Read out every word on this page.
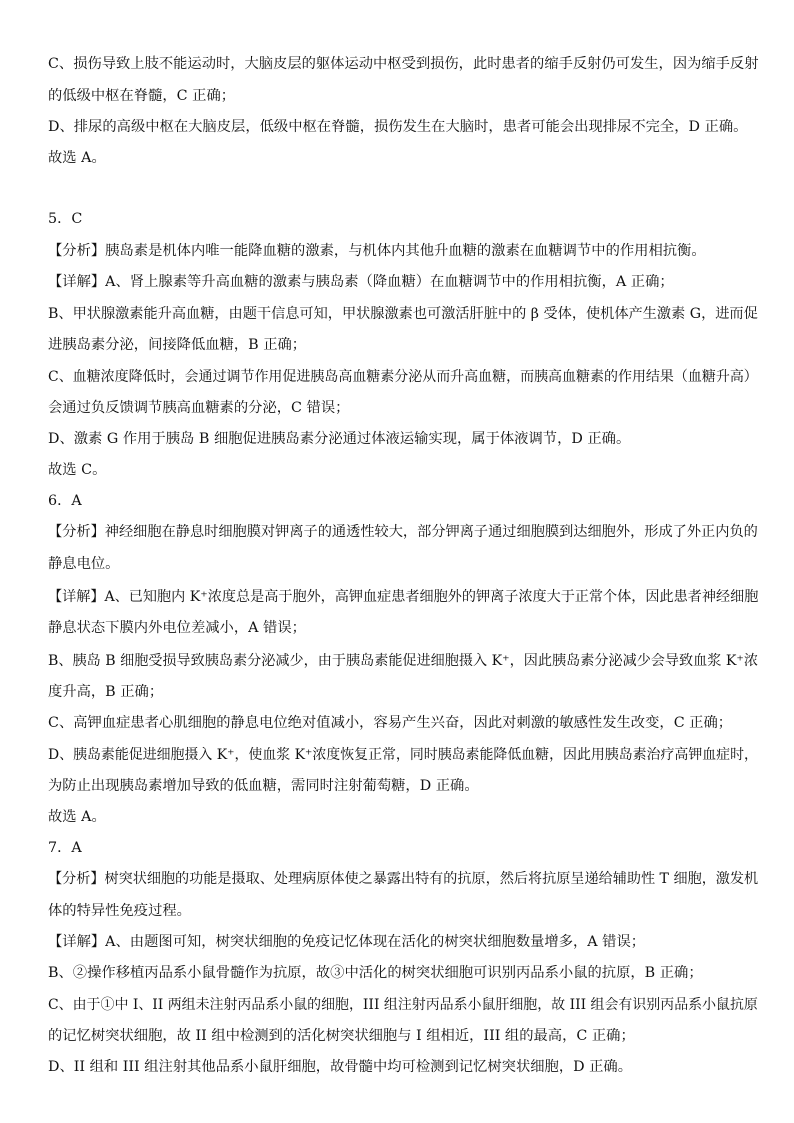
C、损伤导致上肢不能运动时，大脑皮层的躯体运动中枢受到损伤，此时患者的缩手反射仍可发生，因为缩手反射
的低级中枢在脊髓，C 正确；
D、排尿的高级中枢在大脑皮层，低级中枢在脊髓，损伤发生在大脑时，患者可能会出现排尿不完全，D 正确。
故选 A。
5．C
【分析】胰岛素是机体内唯一能降血糖的激素，与机体内其他升血糖的激素在血糖调节中的作用相抗衡。
【详解】A、肾上腺素等升高血糖的激素与胰岛素（降血糖）在血糖调节中的作用相抗衡，A 正确；
B、甲状腺激素能升高血糖，由题干信息可知，甲状腺激素也可激活肝脏中的 β 受体，使机体产生激素 G，进而促
进胰岛素分泌，间接降低血糖，B 正确；
C、血糖浓度降低时，会通过调节作用促进胰岛高血糖素分泌从而升高血糖，而胰高血糖素的作用结果（血糖升高）
会通过负反馈调节胰高血糖素的分泌，C 错误；
D、激素 G 作用于胰岛 B 细胞促进胰岛素分泌通过体液运输实现，属于体液调节，D 正确。
故选 C。
6．A
【分析】神经细胞在静息时细胞膜对钾离子的通透性较大，部分钾离子通过细胞膜到达细胞外，形成了外正内负的
静息电位。
【详解】A、已知胞内 K⁺浓度总是高于胞外，高钾血症患者细胞外的钾离子浓度大于正常个体，因此患者神经细胞
静息状态下膜内外电位差减小，A 错误；
B、胰岛 B 细胞受损导致胰岛素分泌减少，由于胰岛素能促进细胞摄入 K⁺，因此胰岛素分泌减少会导致血浆 K⁺浓
度升高，B 正确；
C、高钾血症患者心肌细胞的静息电位绝对值减小，容易产生兴奋，因此对刺激的敏感性发生改变，C 正确；
D、胰岛素能促进细胞摄入 K⁺，使血浆 K⁺浓度恢复正常，同时胰岛素能降低血糖，因此用胰岛素治疗高钾血症时，
为防止出现胰岛素增加导致的低血糖，需同时注射葡萄糖，D 正确。
故选 A。
7．A
【分析】树突状细胞的功能是摄取、处理病原体使之暴露出特有的抗原，然后将抗原呈递给辅助性 T 细胞，激发机
体的特异性免疫过程。
【详解】A、由题图可知，树突状细胞的免疫记忆体现在活化的树突状细胞数量增多，A 错误；
B、②操作移植丙品系小鼠骨髓作为抗原，故③中活化的树突状细胞可识别丙品系小鼠的抗原，B 正确；
C、由于①中 I、II 两组未注射丙品系小鼠的细胞，III 组注射丙品系小鼠肝细胞，故 III 组会有识别丙品系小鼠抗原
的记忆树突状细胞，故 II 组中检测到的活化树突状细胞与 I 组相近，III 组的最高，C 正确；
D、II 组和 III 组注射其他品系小鼠肝细胞，故骨髓中均可检测到记忆树突状细胞，D 正确。
